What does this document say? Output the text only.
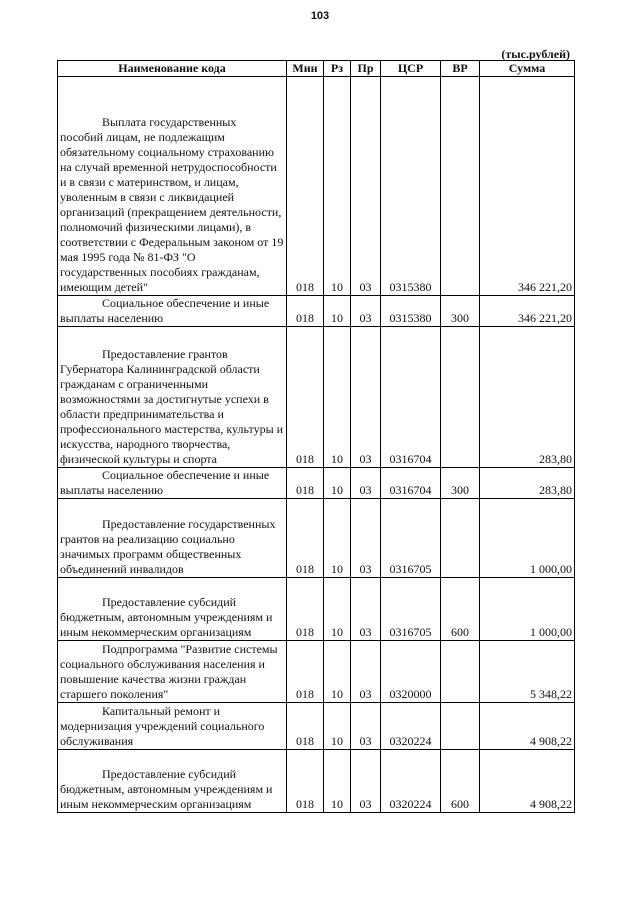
103
(тыс.рублей)
Наименование кода	Мин	Рз	Пр	ЦСР	ВР	Сумма

Выплата государственных
пособий лицам, не подлежащим обязательному социальному страхованию на случай временной нетрудоспособности и в связи с материнством, и лицам, уволенным в связи с ликвидацией организаций (прекращением деятельности, полномочий физическими лицами), в соответствии с Федеральным законом от 19 мая 1995 года № 81-ФЗ "О государственных пособиях гражданам, имеющим детей"	018	10	03	0315380		346 221,20

Социальное обеспечение и иные
выплаты населению	018	10	03	0315380	300	346 221,20

Предоставление грантов
Губернатора Калининградской области гражданам с ограниченными возможностями за достигнутые успехи в области предпринимательства и профессионального мастерства, культуры и искусства, народного творчества, физической культуры и спорта	018	10	03	0316704		283,80

Социальное обеспечение и иные
выплаты населению	018	10	03	0316704	300	283,80

Предоставление государственных
грантов на реализацию социально значимых программ общественных объединений инвалидов	018	10	03	0316705		1 000,00

Предоставление субсидий
бюджетным, автономным учреждениям и иным некоммерческим организациям	018	10	03	0316705	600	1 000,00

Подпрограмма "Развитие системы
социального обслуживания населения и повышение качества жизни граждан старшего поколения"	018	10	03	0320000		5 348,22

Капитальный ремонт и
модернизация учреждений социального обслуживания	018	10	03	0320224		4 908,22

Предоставление субсидий
бюджетным, автономным учреждениям и иным некоммерческим организациям	018	10	03	0320224	600	4 908,22
